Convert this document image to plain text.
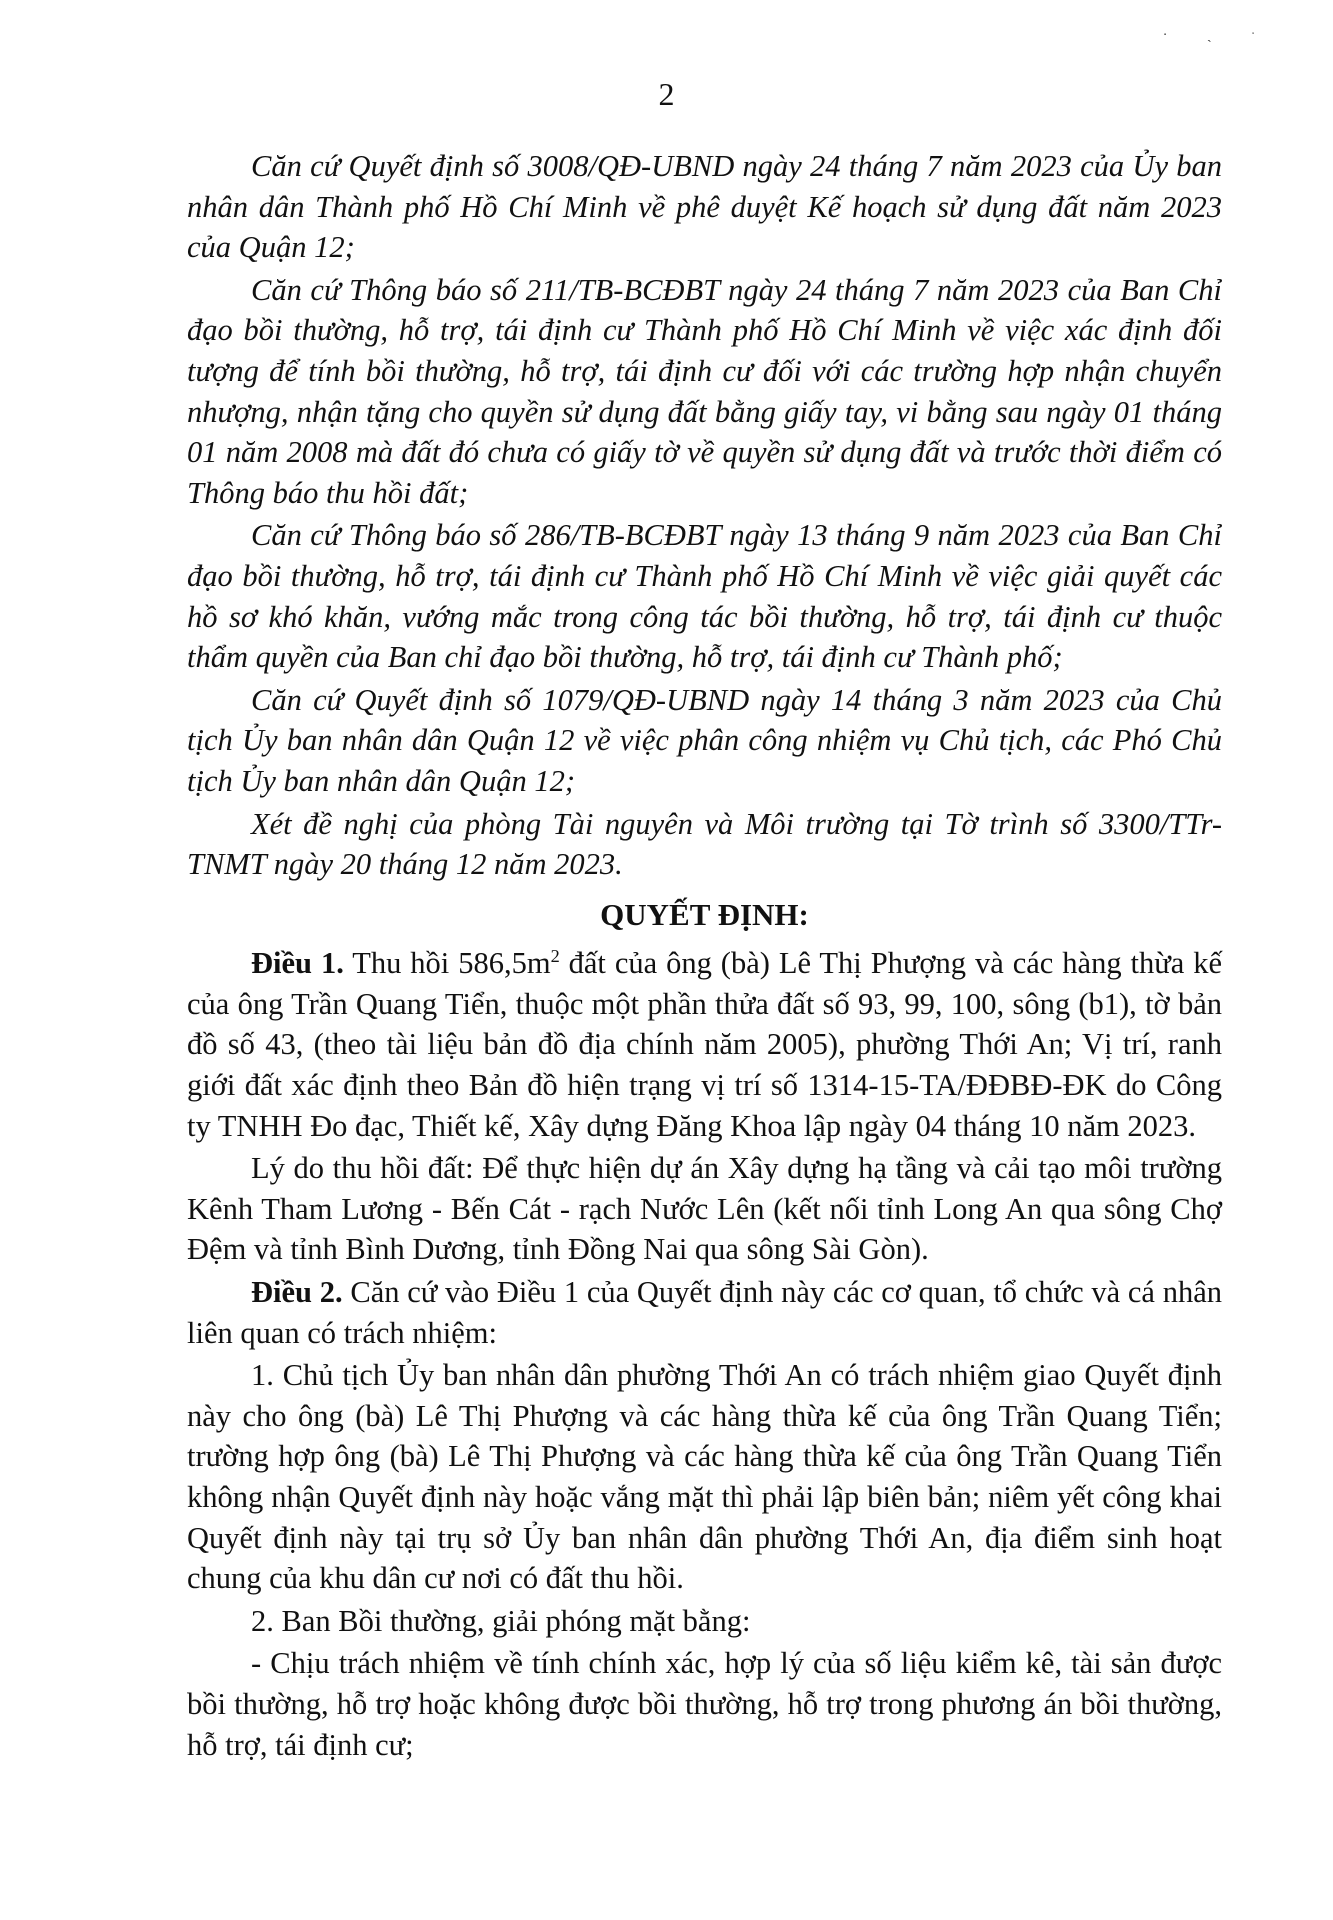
· ˎ ˑ
2

Căn cứ Quyết định số 3008/QĐ-UBND ngày 24 tháng 7 năm 2023 của Ủy ban nhân dân Thành phố Hồ Chí Minh về phê duyệt Kế hoạch sử dụng đất năm 2023 của Quận 12;

Căn cứ Thông báo số 211/TB-BCĐBT ngày 24 tháng 7 năm 2023 của Ban Chỉ đạo bồi thường, hỗ trợ, tái định cư Thành phố Hồ Chí Minh về việc xác định đối tượng để tính bồi thường, hỗ trợ, tái định cư đối với các trường hợp nhận chuyển nhượng, nhận tặng cho quyền sử dụng đất bằng giấy tay, vi bằng sau ngày 01 tháng 01 năm 2008 mà đất đó chưa có giấy tờ về quyền sử dụng đất và trước thời điểm có Thông báo thu hồi đất;

Căn cứ Thông báo số 286/TB-BCĐBT ngày 13 tháng 9 năm 2023 của Ban Chỉ đạo bồi thường, hỗ trợ, tái định cư Thành phố Hồ Chí Minh về việc giải quyết các hồ sơ khó khăn, vướng mắc trong công tác bồi thường, hỗ trợ, tái định cư thuộc thẩm quyền của Ban chỉ đạo bồi thường, hỗ trợ, tái định cư Thành phố;

Căn cứ Quyết định số 1079/QĐ-UBND ngày 14 tháng 3 năm 2023 của Chủ tịch Ủy ban nhân dân Quận 12 về việc phân công nhiệm vụ Chủ tịch, các Phó Chủ tịch Ủy ban nhân dân Quận 12;

Xét đề nghị của phòng Tài nguyên và Môi trường tại Tờ trình số 3300/TTr-TNMT ngày 20 tháng 12 năm 2023.

QUYẾT ĐỊNH:

Điều 1. Thu hồi $586,5m^2$ đất của ông (bà) Lê Thị Phượng và các hàng thừa kế của ông Trần Quang Tiển, thuộc một phần thửa đất số 93, 99, 100, sông (b1), tờ bản đồ số 43, (theo tài liệu bản đồ địa chính năm 2005), phường Thới An; Vị trí, ranh giới đất xác định theo Bản đồ hiện trạng vị trí số 1314-15-TA/ĐĐBĐ-ĐK do Công ty TNHH Đo đạc, Thiết kế, Xây dựng Đăng Khoa lập ngày 04 tháng 10 năm 2023.

Lý do thu hồi đất: Để thực hiện dự án Xây dựng hạ tầng và cải tạo môi trường Kênh Tham Lương - Bến Cát - rạch Nước Lên (kết nối tỉnh Long An qua sông Chợ Đệm và tỉnh Bình Dương, tỉnh Đồng Nai qua sông Sài Gòn).

Điều 2. Căn cứ vào Điều 1 của Quyết định này các cơ quan, tổ chức và cá nhân liên quan có trách nhiệm:

1. Chủ tịch Ủy ban nhân dân phường Thới An có trách nhiệm giao Quyết định này cho ông (bà) Lê Thị Phượng và các hàng thừa kế của ông Trần Quang Tiển; trường hợp ông (bà) Lê Thị Phượng và các hàng thừa kế của ông Trần Quang Tiển không nhận Quyết định này hoặc vắng mặt thì phải lập biên bản; niêm yết công khai Quyết định này tại trụ sở Ủy ban nhân dân phường Thới An, địa điểm sinh hoạt chung của khu dân cư nơi có đất thu hồi.

2. Ban Bồi thường, giải phóng mặt bằng:

- Chịu trách nhiệm về tính chính xác, hợp lý của số liệu kiểm kê, tài sản được bồi thường, hỗ trợ hoặc không được bồi thường, hỗ trợ trong phương án bồi thường, hỗ trợ, tái định cư;
